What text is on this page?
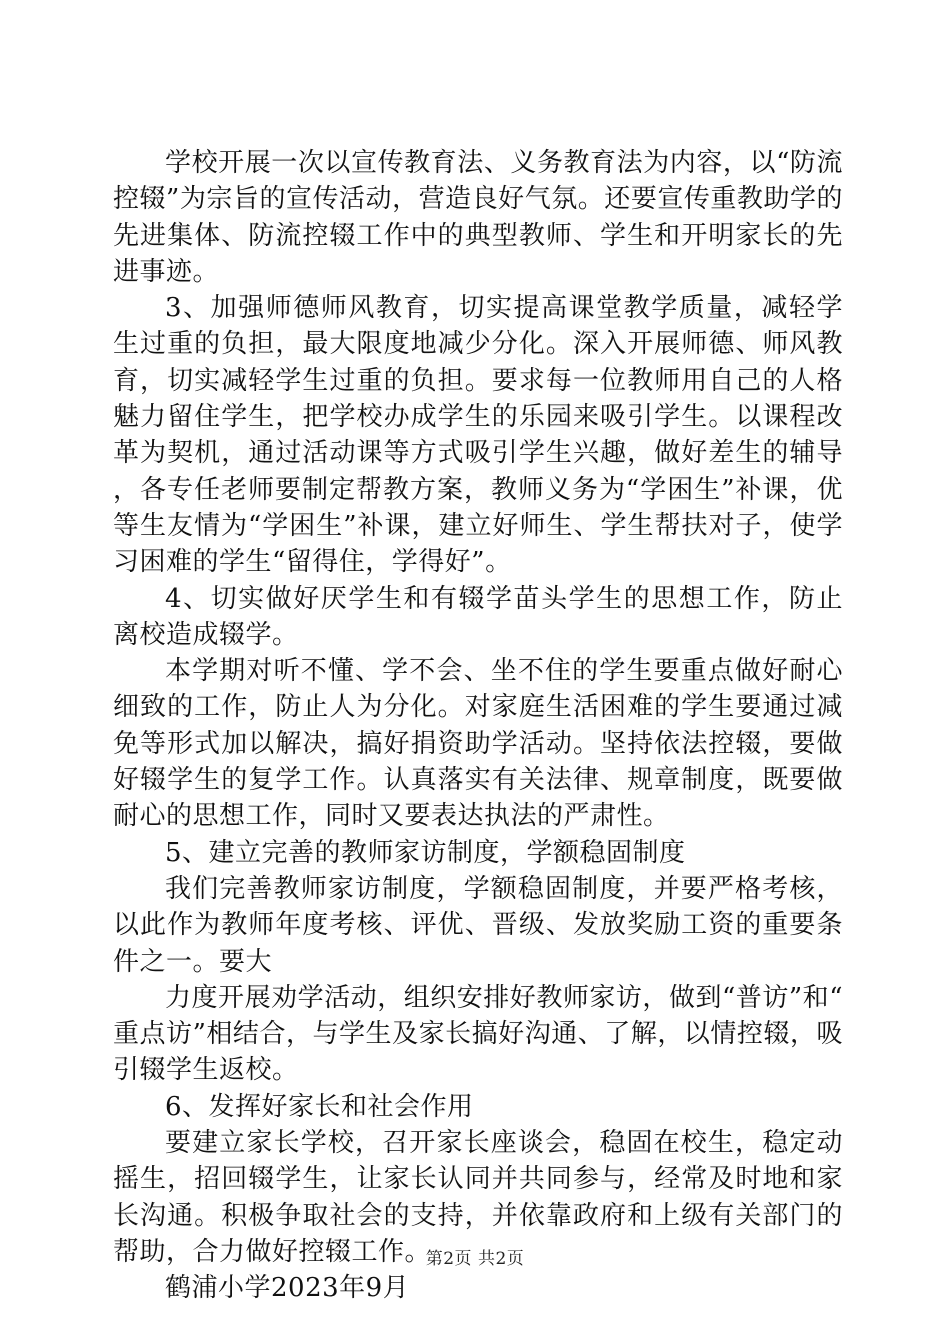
学校开展一次以宣传教育法、义务教育法为内容，以“防流控辍”为宗旨的宣传活动，营造良好气氛。还要宣传重教助学的先进集体、防流控辍工作中的典型教师、学生和开明家长的先进事迹。

3、加强师德师风教育，切实提高课堂教学质量，减轻学生过重的负担，最大限度地减少分化。深入开展师德、师风教育，切实减轻学生过重的负担。要求每一位教师用自己的人格魅力留住学生，把学校办成学生的乐园来吸引学生。以课程改革为契机，通过活动课等方式吸引学生兴趣，做好差生的辅导，各专任老师要制定帮教方案，教师义务为“学困生”补课，优等生友情为“学困生”补课，建立好师生、学生帮扶对子，使学习困难的学生“留得住，学得好”。

4、切实做好厌学生和有辍学苗头学生的思想工作，防止离校造成辍学。

本学期对听不懂、学不会、坐不住的学生要重点做好耐心细致的工作，防止人为分化。对家庭生活困难的学生要通过减免等形式加以解决，搞好捐资助学活动。坚持依法控辍，要做好辍学生的复学工作。认真落实有关法律、规章制度，既要做耐心的思想工作，同时又要表达执法的严肃性。

5、建立完善的教师家访制度，学额稳固制度

我们完善教师家访制度，学额稳固制度，并要严格考核，以此作为教师年度考核、评优、晋级、发放奖励工资的重要条件之一。要大

力度开展劝学活动，组织安排好教师家访，做到“普访”和“重点访”相结合，与学生及家长搞好沟通、了解，以情控辍，吸引辍学生返校。

6、发挥好家长和社会作用

要建立家长学校，召开家长座谈会，稳固在校生，稳定动摇生，招回辍学生，让家长认同并共同参与，经常及时地和家长沟通。积极争取社会的支持，并依靠政府和上级有关部门的帮助，合力做好控辍工作。

鹤浦小学2023年9月

第2页 共2页
